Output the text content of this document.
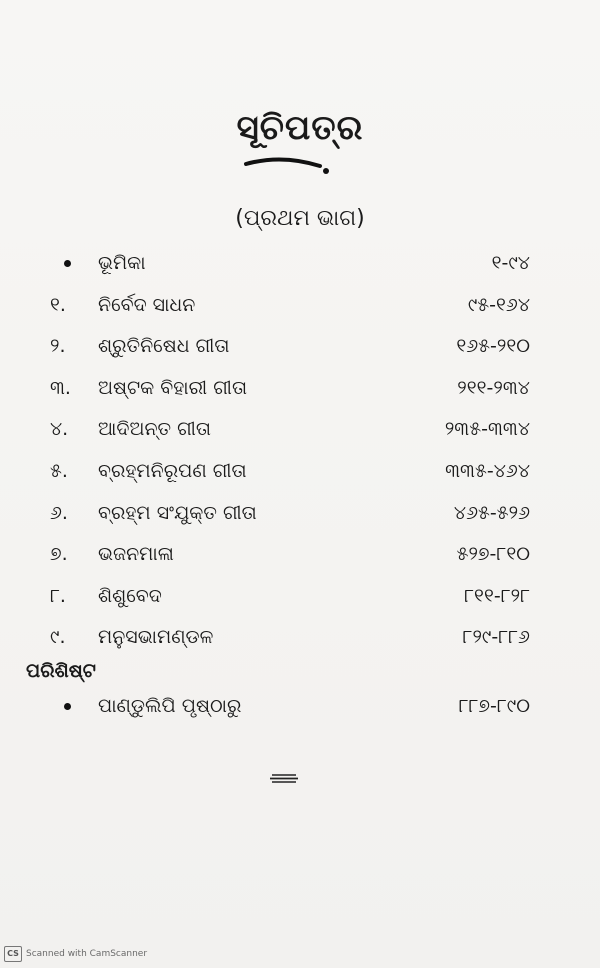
ସୂଚିପତ୍ର
(ପ୍ରଥମ ଭାଗ)
ଭୂମିକା	୧-୯୪
୧.	ନିର୍ବେଦ ସାଧନ	୯୫-୧୬୪
୨.	ଶ୍ରୁତିନିଷେଧ ଗୀତା	୧୬୫-୨୧୦
୩.	ଅଷ୍ଟକ ବିହାରୀ ଗୀତା	୨୧୧-୨୩୪
୪.	ଆଦିଅନ୍ତ ଗୀତା	୨୩୫-୩୩୪
୫.	ବ୍ରହ୍ମନିରୂପଣ ଗୀତା	୩୩୫-୪୬୪
୬.	ବ୍ରହ୍ମ ସଂଯୁକ୍ତ ଗୀତା	୪୬୫-୫୨୬
୭.	ଭଜନମାଳା	୫୨୭-୮୧୦
୮.	ଶିଶୁବେଦ	୮୧୧-୮୨୮
୯.	ମନୁସଭାମଣ୍ଡଳ	୮୨୯-୮୮୬
ପରିଶିଷ୍ଟ
ପାଣ୍ଡୁଲିପି ପୃଷ୍ଠାରୁ	୮୮୭-୮୯୦
CS Scanned with CamScanner
